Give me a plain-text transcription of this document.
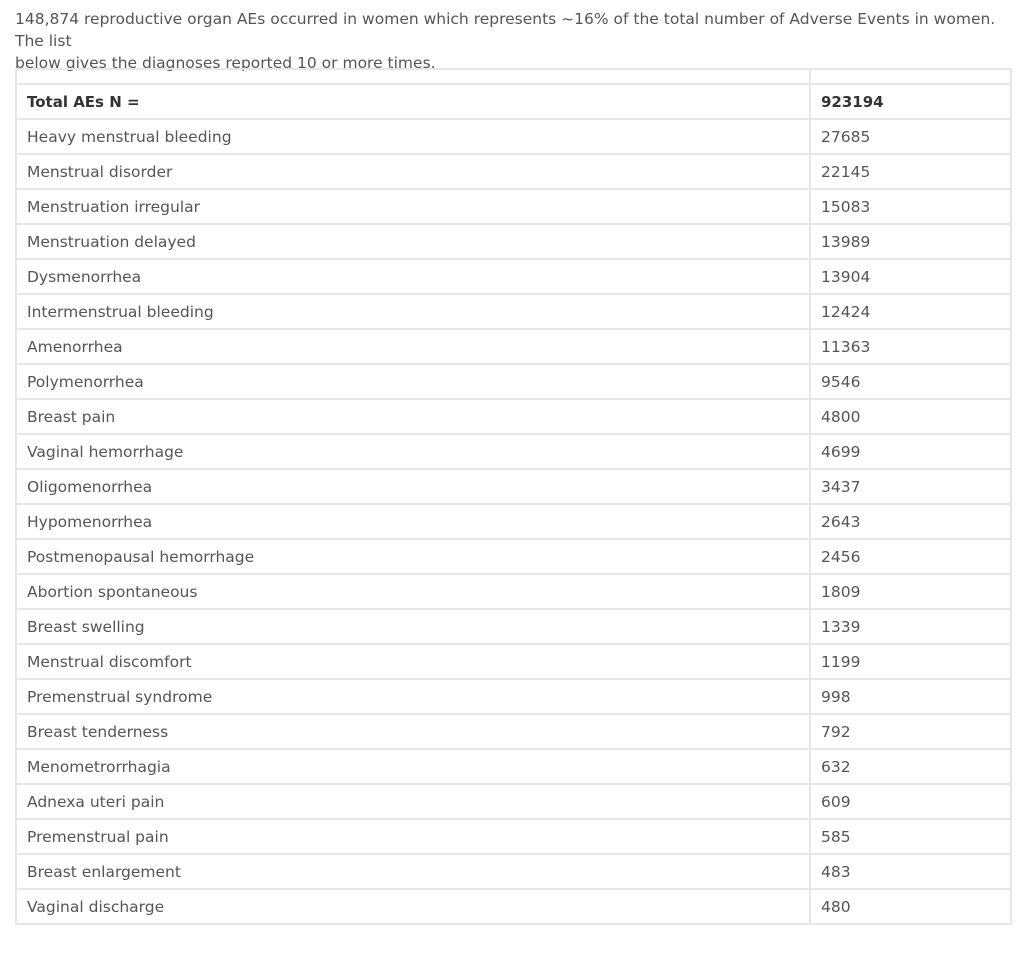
148,874 reproductive organ AEs occurred in women which represents ~16% of the total number of Adverse Events in women. The list
below gives the diagnoses reported 10 or more times.

Total AEs N =	923194
Heavy menstrual bleeding	27685
Menstrual disorder	22145
Menstruation irregular	15083
Menstruation delayed	13989
Dysmenorrhea	13904
Intermenstrual bleeding	12424
Amenorrhea	11363
Polymenorrhea	9546
Breast pain	4800
Vaginal hemorrhage	4699
Oligomenorrhea	3437
Hypomenorrhea	2643
Postmenopausal hemorrhage	2456
Abortion spontaneous	1809
Breast swelling	1339
Menstrual discomfort	1199
Premenstrual syndrome	998
Breast tenderness	792
Menometrorrhagia	632
Adnexa uteri pain	609
Premenstrual pain	585
Breast enlargement	483
Vaginal discharge	480
